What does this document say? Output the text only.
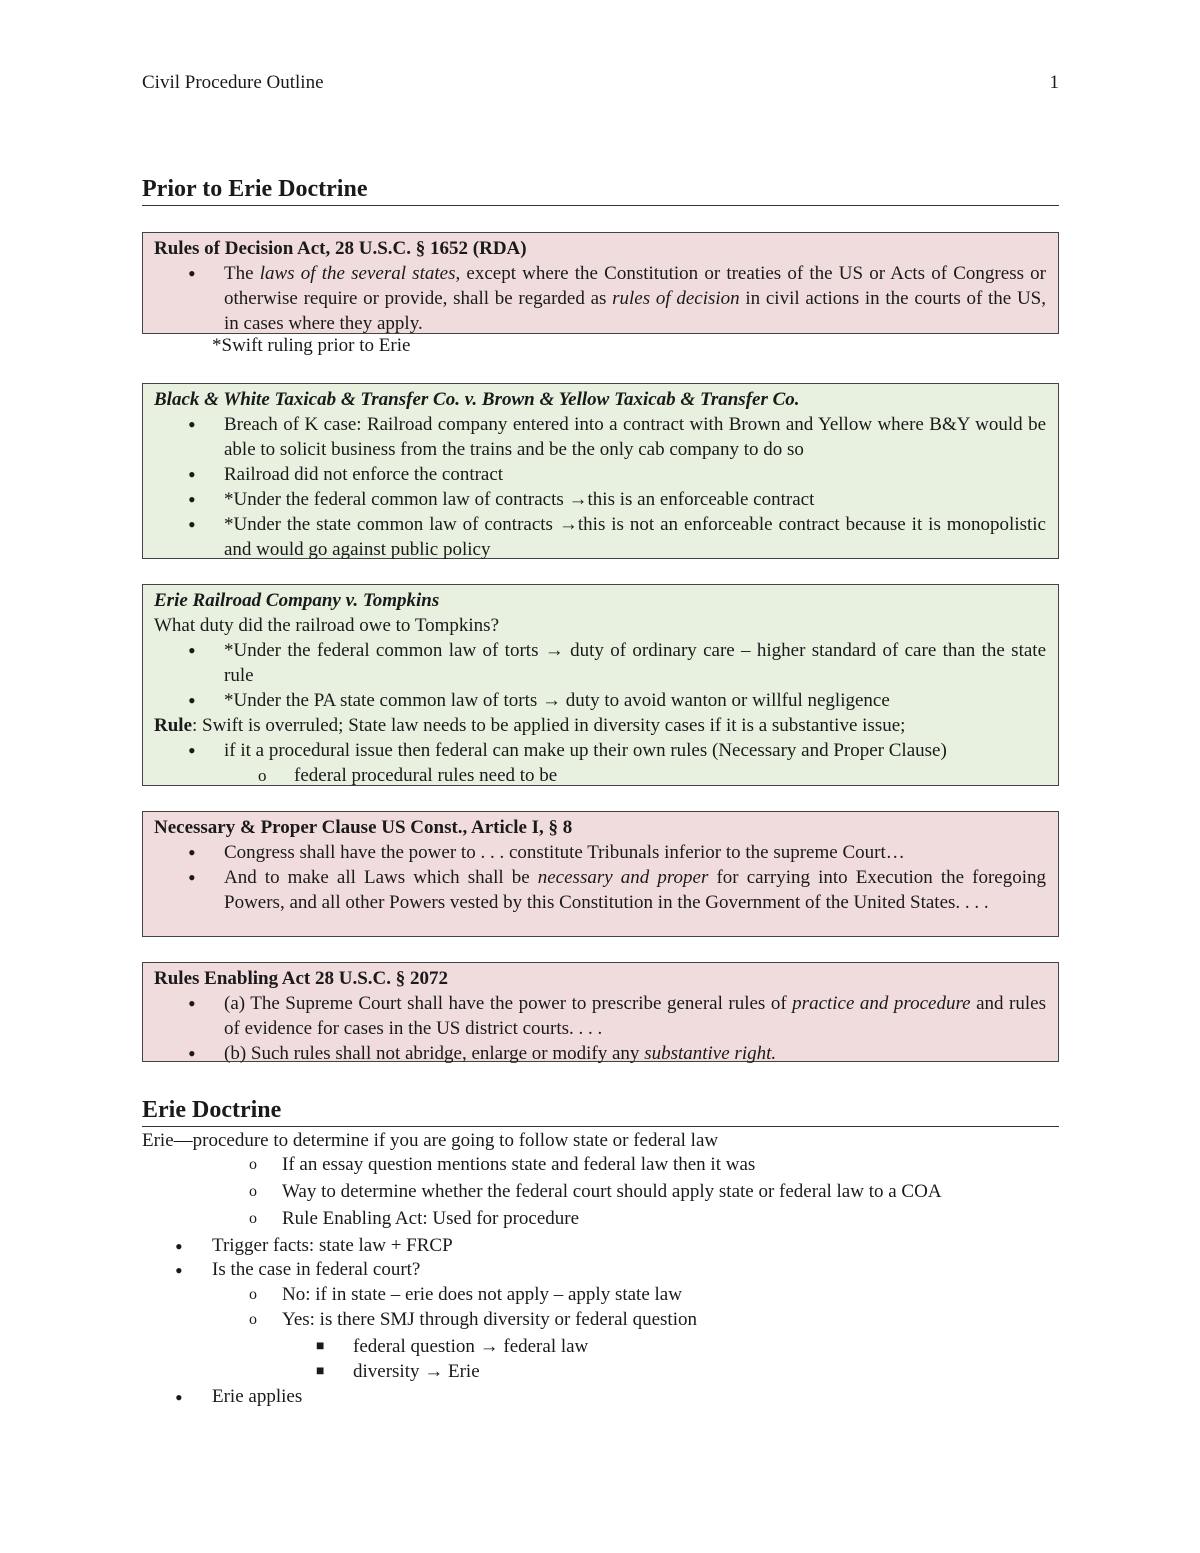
Civil Procedure Outline	1
Prior to Erie Doctrine
Rules of Decision Act, 28 U.S.C. § 1652 (RDA)
• The laws of the several states, except where the Constitution or treaties of the US or Acts of Congress or otherwise require or provide, shall be regarded as rules of decision in civil actions in the courts of the US, in cases where they apply.
*Swift ruling prior to Erie
Black & White Taxicab & Transfer Co. v. Brown & Yellow Taxicab & Transfer Co.
• Breach of K case: Railroad company entered into a contract with Brown and Yellow where B&Y would be able to solicit business from the trains and be the only cab company to do so
• Railroad did not enforce the contract
• *Under the federal common law of contracts →this is an enforceable contract
• *Under the state common law of contracts →this is not an enforceable contract because it is monopolistic and would go against public policy
Erie Railroad Company v. Tompkins
What duty did the railroad owe to Tompkins?
• *Under the federal common law of torts → duty of ordinary care – higher standard of care than the state rule
• *Under the PA state common law of torts → duty to avoid wanton or willful negligence
Rule: Swift is overruled; State law needs to be applied in diversity cases if it is a substantive issue;
• if it a procedural issue then federal can make up their own rules (Necessary and Proper Clause)
o federal procedural rules need to be
Necessary & Proper Clause US Const., Article I, § 8
• Congress shall have the power to . . . constitute Tribunals inferior to the supreme Court…
• And to make all Laws which shall be necessary and proper for carrying into Execution the foregoing Powers, and all other Powers vested by this Constitution in the Government of the United States. . . .
Rules Enabling Act 28 U.S.C. § 2072
• (a) The Supreme Court shall have the power to prescribe general rules of practice and procedure and rules of evidence for cases in the US district courts. . . .
• (b) Such rules shall not abridge, enlarge or modify any substantive right.
Erie Doctrine
Erie—procedure to determine if you are going to follow state or federal law
o If an essay question mentions state and federal law then it was
o Way to determine whether the federal court should apply state or federal law to a COA
o Rule Enabling Act: Used for procedure
• Trigger facts: state law + FRCP
• Is the case in federal court?
o No: if in state – erie does not apply – apply state law
o Yes: is there SMJ through diversity or federal question
■ federal question → federal law
■ diversity → Erie
• Erie applies
